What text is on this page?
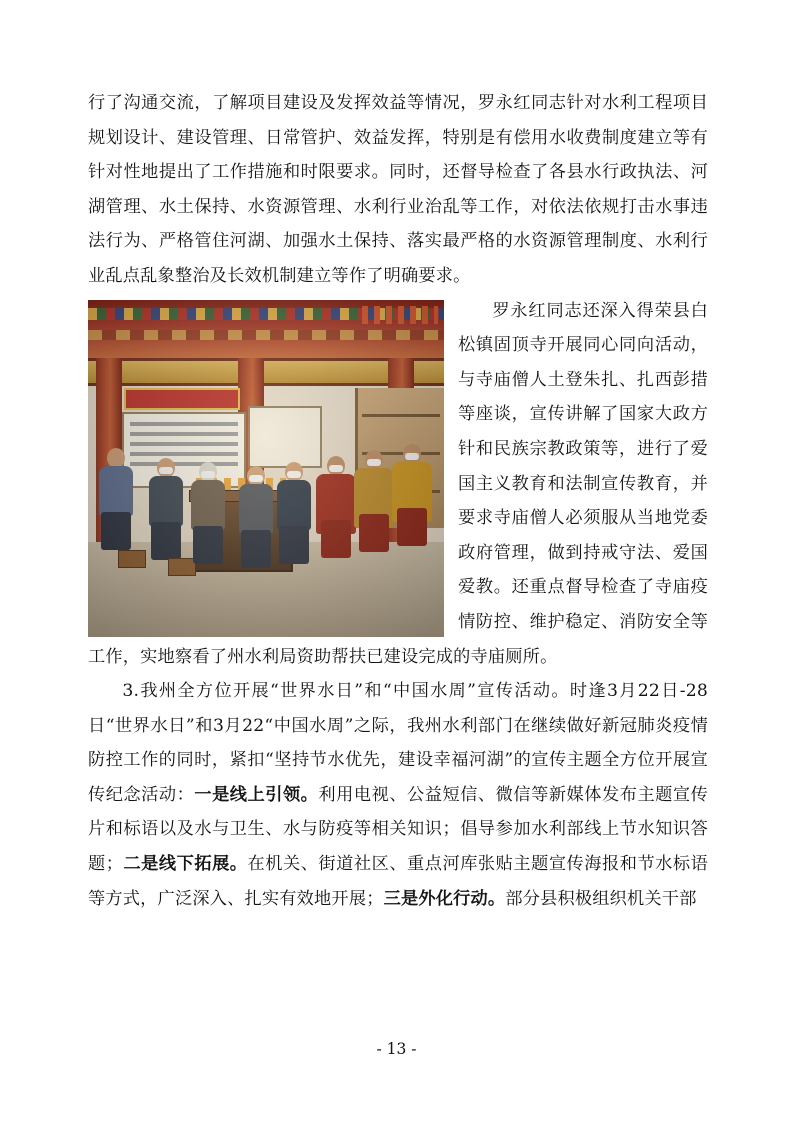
行了沟通交流，了解项目建设及发挥效益等情况，罗永红同志针对水利工程项目规划设计、建设管理、日常管护、效益发挥，特别是有偿用水收费制度建立等有针对性地提出了工作措施和时限要求。同时，还督导检查了各县水行政执法、河湖管理、水土保持、水资源管理、水利行业治乱等工作，对依法依规打击水事违法行为、严格管住河湖、加强水土保持、落实最严格的水资源管理制度、水利行业乱点乱象整治及长效机制建立等作了明确要求。

罗永红同志还深入得荣县白松镇固顶寺开展同心同向活动，与寺庙僧人土登朱扎、扎西彭措等座谈，宣传讲解了国家大政方针和民族宗教政策等，进行了爱国主义教育和法制宣传教育，并要求寺庙僧人必须服从当地党委政府管理，做到持戒守法、爱国爱教。还重点督导检查了寺庙疫情防控、维护稳定、消防安全等工作，实地察看了州水利局资助帮扶已建设完成的寺庙厕所。

3.我州全方位开展“世界水日”和“中国水周”宣传活动。时逢3月22日-28日“世界水日”和3月22“中国水周”之际，我州水利部门在继续做好新冠肺炎疫情防控工作的同时，紧扣“坚持节水优先，建设幸福河湖”的宣传主题全方位开展宣传纪念活动：一是线上引领。利用电视、公益短信、微信等新媒体发布主题宣传片和标语以及水与卫生、水与防疫等相关知识；倡导参加水利部线上节水知识答题；二是线下拓展。在机关、街道社区、重点河库张贴主题宣传海报和节水标语等方式，广泛深入、扎实有效地开展；三是外化行动。部分县积极组织机关干部

- 13 -
